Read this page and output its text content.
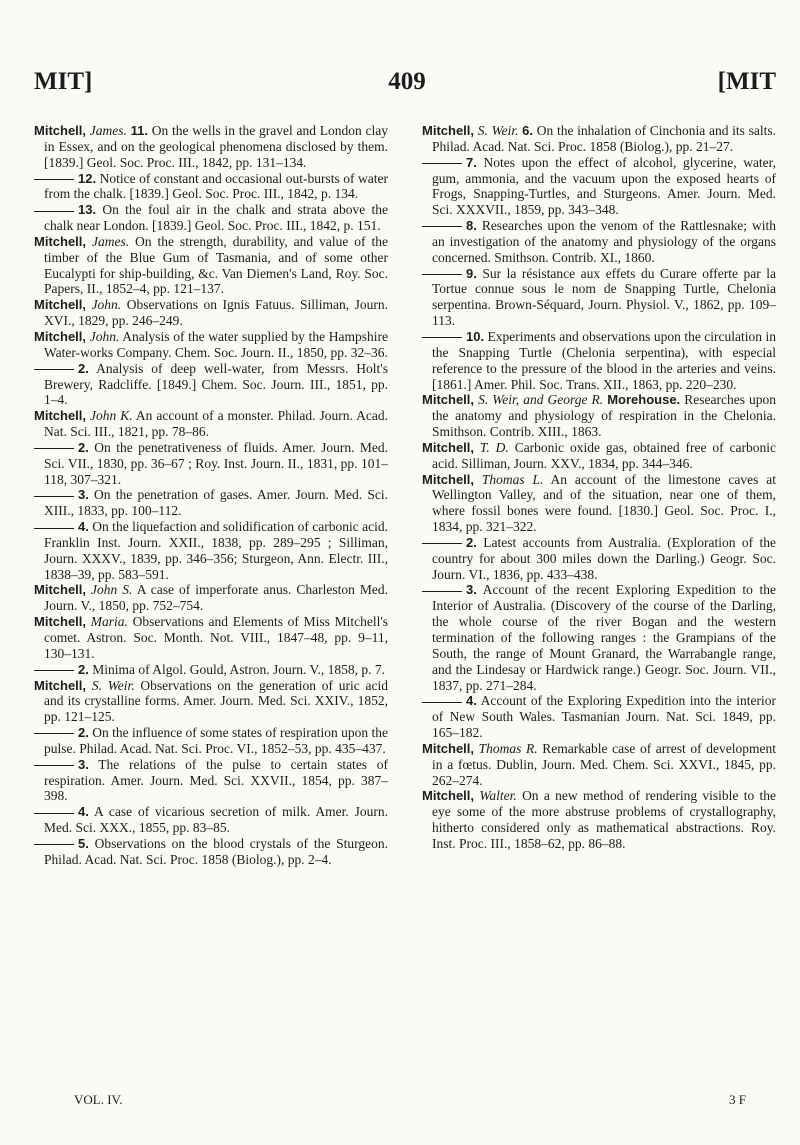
MIT]	409	[MIT

Mitchell, James. 11. On the wells in the gravel and London clay in Essex, and on the geological phenomena disclosed by them. [1839.] Geol. Soc. Proc. III., 1842, pp. 131–134.

12. Notice of constant and occasional out-bursts of water from the chalk. [1839.] Geol. Soc. Proc. III., 1842, p. 134.

13. On the foul air in the chalk and strata above the chalk near London. [1839.] Geol. Soc. Proc. III., 1842, p. 151.

Mitchell, James. On the strength, durability, and value of the timber of the Blue Gum of Tasmania, and of some other Eucalypti for ship-building, &c. Van Diemen's Land, Roy. Soc. Papers, II., 1852–4, pp. 121–137.

Mitchell, John. Observations on Ignis Fatuus. Silliman, Journ. XVI., 1829, pp. 246–249.

Mitchell, John. Analysis of the water supplied by the Hampshire Water-works Company. Chem. Soc. Journ. II., 1850, pp. 32–36.

2. Analysis of deep well-water, from Messrs. Holt's Brewery, Radcliffe. [1849.] Chem. Soc. Journ. III., 1851, pp. 1–4.

Mitchell, John K. An account of a monster. Philad. Journ. Acad. Nat. Sci. III., 1821, pp. 78–86.

2. On the penetrativeness of fluids. Amer. Journ. Med. Sci. VII., 1830, pp. 36–67 ; Roy. Inst. Journ. II., 1831, pp. 101–118, 307–321.

3. On the penetration of gases. Amer. Journ. Med. Sci. XIII., 1833, pp. 100–112.

4. On the liquefaction and solidification of carbonic acid. Franklin Inst. Journ. XXII., 1838, pp. 289–295 ; Silliman, Journ. XXXV., 1839, pp. 346–356; Sturgeon, Ann. Electr. III., 1838–39, pp. 583–591.

Mitchell, John S. A case of imperforate anus. Charleston Med. Journ. V., 1850, pp. 752–754.

Mitchell, Maria. Observations and Elements of Miss Mitchell's comet. Astron. Soc. Month. Not. VIII., 1847–48, pp. 9–11, 130–131.

2. Minima of Algol. Gould, Astron. Journ. V., 1858, p. 7.

Mitchell, S. Weir. Observations on the generation of uric acid and its crystalline forms. Amer. Journ. Med. Sci. XXIV., 1852, pp. 121–125.

2. On the influence of some states of respiration upon the pulse. Philad. Acad. Nat. Sci. Proc. VI., 1852–53, pp. 435–437.

3. The relations of the pulse to certain states of respiration. Amer. Journ. Med. Sci. XXVII., 1854, pp. 387–398.

4. A case of vicarious secretion of milk. Amer. Journ. Med. Sci. XXX., 1855, pp. 83–85.

5. Observations on the blood crystals of the Sturgeon. Philad. Acad. Nat. Sci. Proc. 1858 (Biolog.), pp. 2–4.

Mitchell, S. Weir. 6. On the inhalation of Cinchonia and its salts. Philad. Acad. Nat. Sci. Proc. 1858 (Biolog.), pp. 21–27.

7. Notes upon the effect of alcohol, glycerine, water, gum, ammonia, and the vacuum upon the exposed hearts of Frogs, Snapping-Turtles, and Sturgeons. Amer. Journ. Med. Sci. XXXVII., 1859, pp. 343–348.

8. Researches upon the venom of the Rattlesnake; with an investigation of the anatomy and physiology of the organs concerned. Smithson. Contrib. XI., 1860.

9. Sur la résistance aux effets du Curare offerte par la Tortue connue sous le nom de Snapping Turtle, Chelonia serpentina. Brown-Séquard, Journ. Physiol. V., 1862, pp. 109–113.

10. Experiments and observations upon the circulation in the Snapping Turtle (Chelonia serpentina), with especial reference to the pressure of the blood in the arteries and veins. [1861.] Amer. Phil. Soc. Trans. XII., 1863, pp. 220–230.

Mitchell, S. Weir, and George R. Morehouse. Researches upon the anatomy and physiology of respiration in the Chelonia. Smithson. Contrib. XIII., 1863.

Mitchell, T. D. Carbonic oxide gas, obtained free of carbonic acid. Silliman, Journ. XXV., 1834, pp. 344–346.

Mitchell, Thomas L. An account of the limestone caves at Wellington Valley, and of the situation, near one of them, where fossil bones were found. [1830.] Geol. Soc. Proc. I., 1834, pp. 321–322.

2. Latest accounts from Australia. (Exploration of the country for about 300 miles down the Darling.) Geogr. Soc. Journ. VI., 1836, pp. 433–438.

3. Account of the recent Exploring Expedition to the Interior of Australia. (Discovery of the course of the Darling, the whole course of the river Bogan and the western termination of the following ranges : the Grampians of the South, the range of Mount Granard, the Warrabangle range, and the Lindesay or Hardwick range.) Geogr. Soc. Journ. VII., 1837, pp. 271–284.

4. Account of the Exploring Expedition into the interior of New South Wales. Tasmanian Journ. Nat. Sci. 1849, pp. 165–182.

Mitchell, Thomas R. Remarkable case of arrest of development in a fœtus. Dublin, Journ. Med. Chem. Sci. XXVI., 1845, pp. 262–274.

Mitchell, Walter. On a new method of rendering visible to the eye some of the more abstruse problems of crystallography, hitherto considered only as mathematical abstractions. Roy. Inst. Proc. III., 1858–62, pp. 86–88.

VOL. IV.	3 F
